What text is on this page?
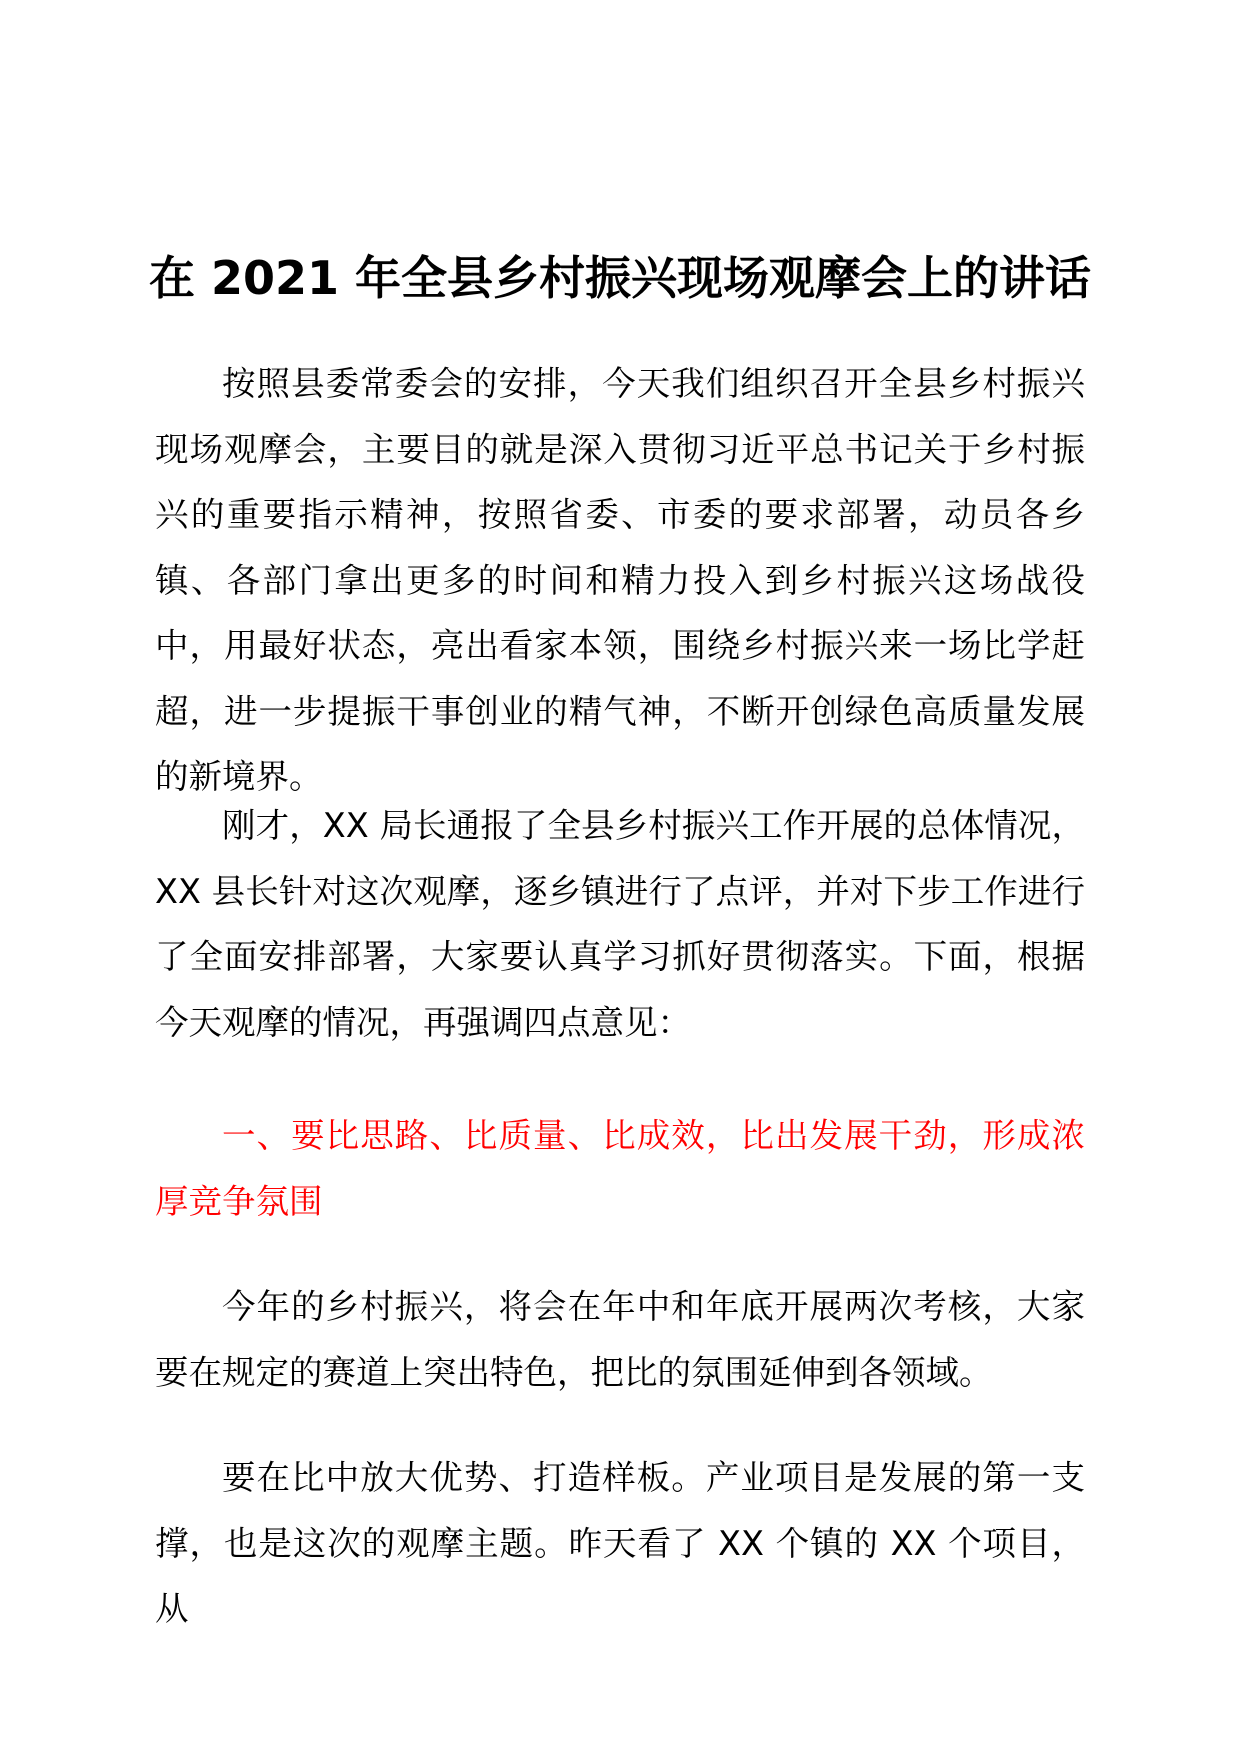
在 2021 年全县乡村振兴现场观摩会上的讲话

按照县委常委会的安排，今天我们组织召开全县乡村振兴现场观摩会，主要目的就是深入贯彻习近平总书记关于乡村振兴的重要指示精神，按照省委、市委的要求部署，动员各乡镇、各部门拿出更多的时间和精力投入到乡村振兴这场战役中，用最好状态，亮出看家本领，围绕乡村振兴来一场比学赶超，进一步提振干事创业的精气神，不断开创绿色高质量发展的新境界。

刚才，XX 局长通报了全县乡村振兴工作开展的总体情况，XX 县长针对这次观摩，逐乡镇进行了点评，并对下步工作进行了全面安排部署，大家要认真学习抓好贯彻落实。下面，根据今天观摩的情况，再强调四点意见：

一、要比思路、比质量、比成效，比出发展干劲，形成浓厚竞争氛围

今年的乡村振兴，将会在年中和年底开展两次考核，大家要在规定的赛道上突出特色，把比的氛围延伸到各领域。

要在比中放大优势、打造样板。产业项目是发展的第一支撑，也是这次的观摩主题。昨天看了 XX 个镇的 XX 个项目，从
